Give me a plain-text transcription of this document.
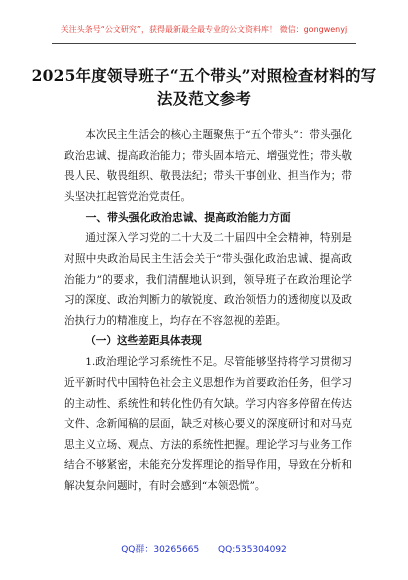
关注头条号“公文研究”，获得最新最全最专业的公文资料库！ 微信：gongwenyj
2025年度领导班子“五个带头”对照检查材料的写法及范文参考

本次民主生活会的核心主题聚焦于“五个带头”：带头强化政治忠诚、提高政治能力；带头固本培元、增强党性；带头敬畏人民、敬畏组织、敬畏法纪；带头干事创业、担当作为；带头坚决扛起管党治党责任。

一、带头强化政治忠诚、提高政治能力方面

通过深入学习党的二十大及二十届四中全会精神，特别是对照中央政治局民主生活会关于“带头强化政治忠诚、提高政治能力”的要求，我们清醒地认识到，领导班子在政治理论学习的深度、政治判断力的敏锐度、政治领悟力的透彻度以及政治执行力的精准度上，均存在不容忽视的差距。

（一）这些差距具体表现

1.政治理论学习系统性不足。尽管能够坚持将学习贯彻习近平新时代中国特色社会主义思想作为首要政治任务，但学习的主动性、系统性和转化性仍有欠缺。学习内容多停留在传达文件、念新闻稿的层面，缺乏对核心要义的深度研讨和对马克思主义立场、观点、方法的系统性把握。理论学习与业务工作结合不够紧密，未能充分发挥理论的指导作用，导致在分析和解决复杂问题时，有时会感到“本领恐慌”。

QQ群：30265665 QQ:535304092
